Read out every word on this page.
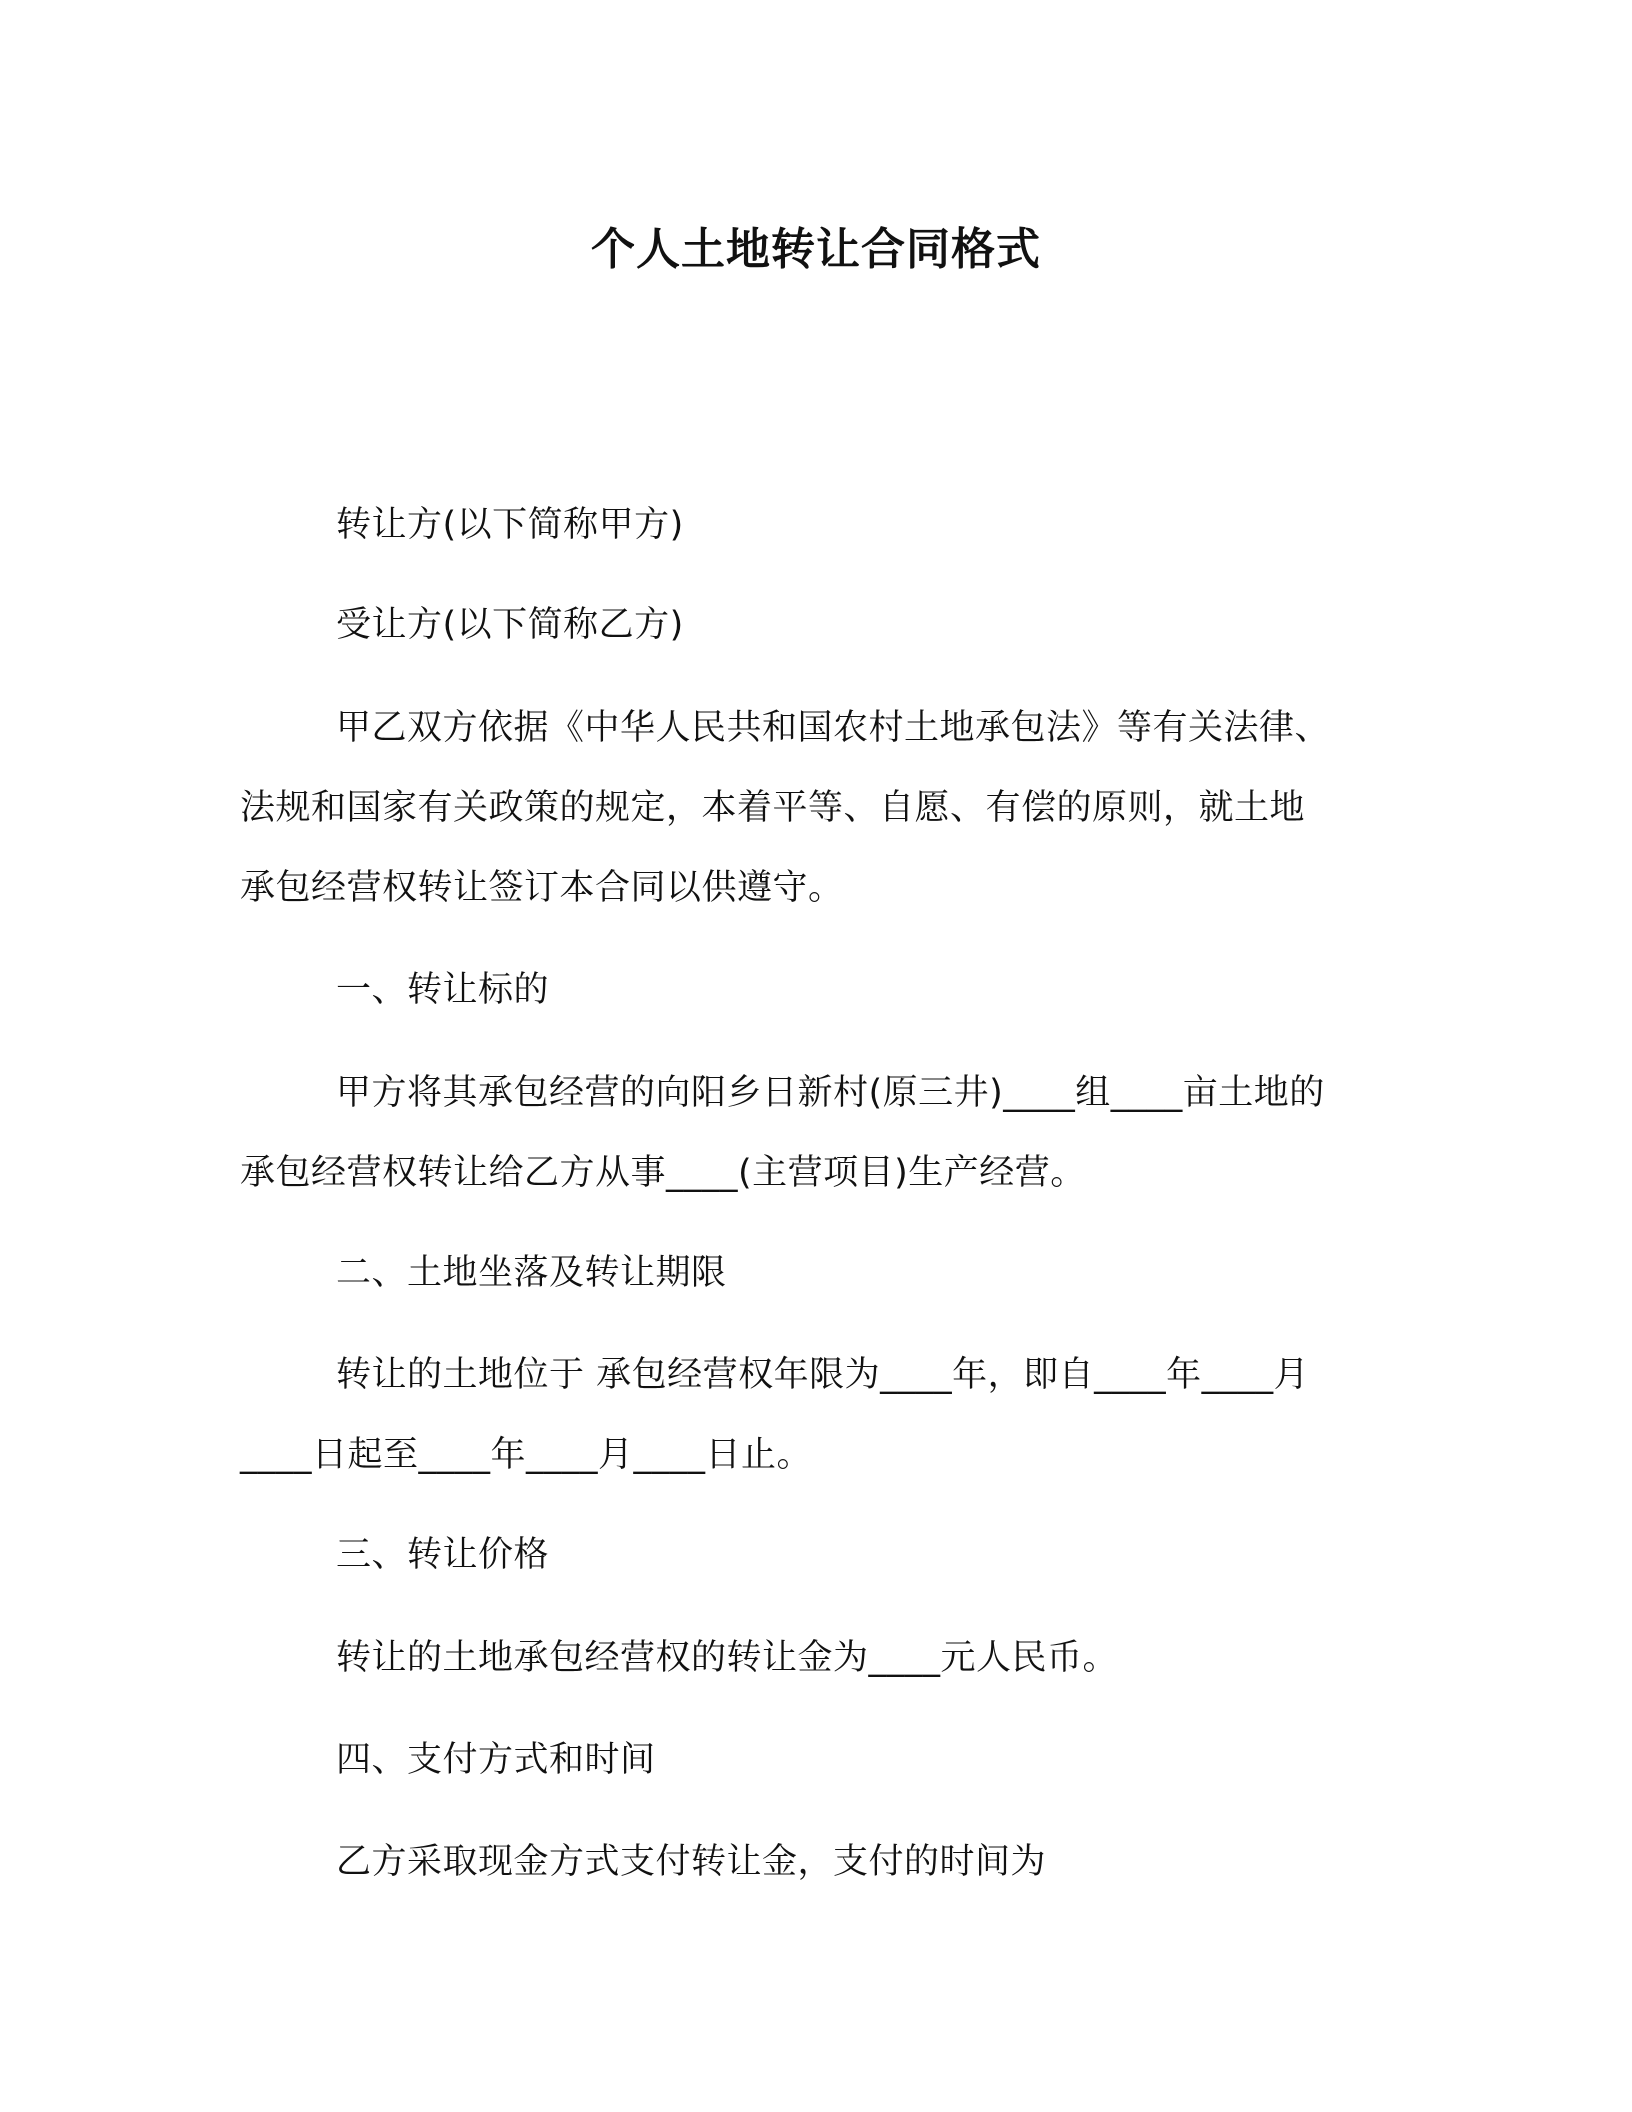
个人土地转让合同格式
转让方(以下简称甲方)
受让方(以下简称乙方)
甲乙双方依据《中华人民共和国农村土地承包法》等有关法律、
法规和国家有关政策的规定，本着平等、自愿、有偿的原则，就土地
承包经营权转让签订本合同以供遵守。
一、转让标的
甲方将其承包经营的向阳乡日新村(原三井)____组____亩土地的
承包经营权转让给乙方从事____(主营项目)生产经营。
二、土地坐落及转让期限
转让的土地位于 承包经营权年限为____年，即自____年____月
____日起至____年____月____日止。
三、转让价格
转让的土地承包经营权的转让金为____元人民币。
四、支付方式和时间
乙方采取现金方式支付转让金，支付的时间为
